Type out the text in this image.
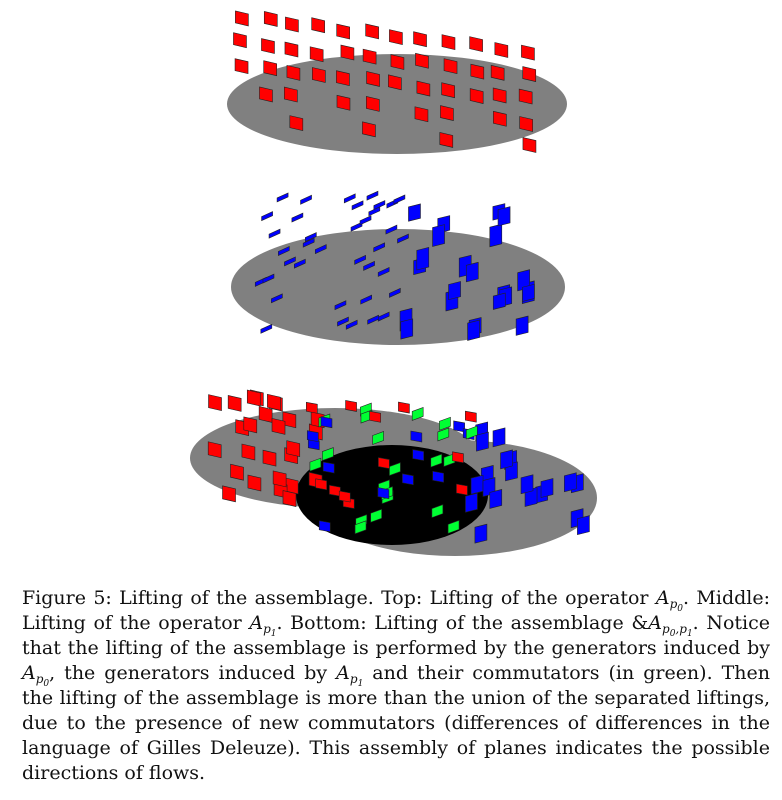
Figure 5: Lifting of the assemblage. Top: Lifting of the operator $A_{p_0}$. Middle: Lifting of the operator $A_{p_1}$. Bottom: Lifting of the assemblage $\&A_{p_0,p_1}$. Notice that the lifting of the assemblage is performed by the generators induced by $A_{p_0}$, the generators induced by $A_{p_1}$ and their commutators (in green). Then the lifting of the assemblage is more than the union of the separated liftings, due to the presence of new commutators (differences of differences in the language of Gilles Deleuze). This assembly of planes indicates the possible directions of flows.
